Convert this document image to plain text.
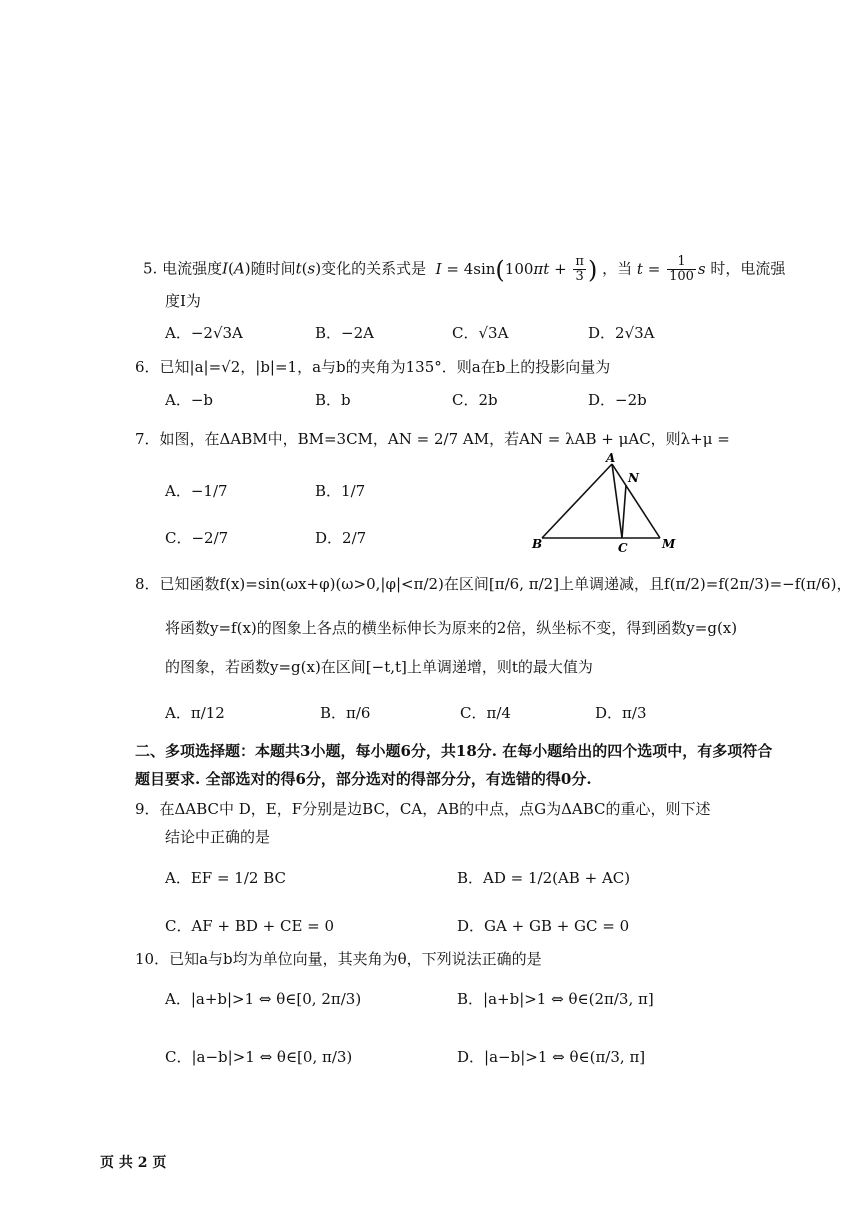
5. 电流强度I(A)随时间t(s)变化的关系式是 $I = 4\sin(100\pi t + \frac{\pi}{3}$ ) ，当 $t = \frac{1}{100}$ s 时，电流强
度I为
A．−2√3A	B．−2A	C．√3A	D．2√3A
6．已知|a|=√2，|b|=1，a与b的夹角为135°．则a在b上的投影向量为
A．−b	B．b	C．2b	D．−2b
7．如图，在ΔABM中，BM=3CM，AN = 2/7 AM，若AN = λAB + μAC，则λ+μ =
A．−1/7	B．1/7
C．−2/7	D．2/7
A
N
B	C	M
8．已知函数f(x)=sin(ωx+φ)(ω>0,|φ|<π/2)在区间[π/6, π/2]上单调递减，且f(π/2)=f(2π/3)=−f(π/6)，
将函数y=f(x)的图象上各点的横坐标伸长为原来的2倍，纵坐标不变，得到函数y=g(x)
的图象，若函数y=g(x)在区间[−t,t]上单调递增，则t的最大值为
A．π/12	B．π/6	C．π/4	D．π/3
二、多项选择题：本题共3小题，每小题6分，共18分. 在每小题给出的四个选项中，有多项符合
题目要求. 全部选对的得6分，部分选对的得部分分，有选错的得0分.
9．在ΔABC中 D，E，F分别是边BC，CA，AB的中点，点G为ΔABC的重心，则下述
结论中正确的是
A．EF = 1/2 BC	B．AD = 1/2(AB + AC)
C．AF + BD + CE = 0	D．GA + GB + GC = 0
10．已知a与b均为单位向量，其夹角为θ，下列说法正确的是
A．|a+b|>1 ⇔ θ∈[0, 2π/3)	B．|a+b|>1 ⇔ θ∈(2π/3, π]
C．|a−b|>1 ⇔ θ∈[0, π/3)	D．|a−b|>1 ⇔ θ∈(π/3, π]
页 共 2 页
